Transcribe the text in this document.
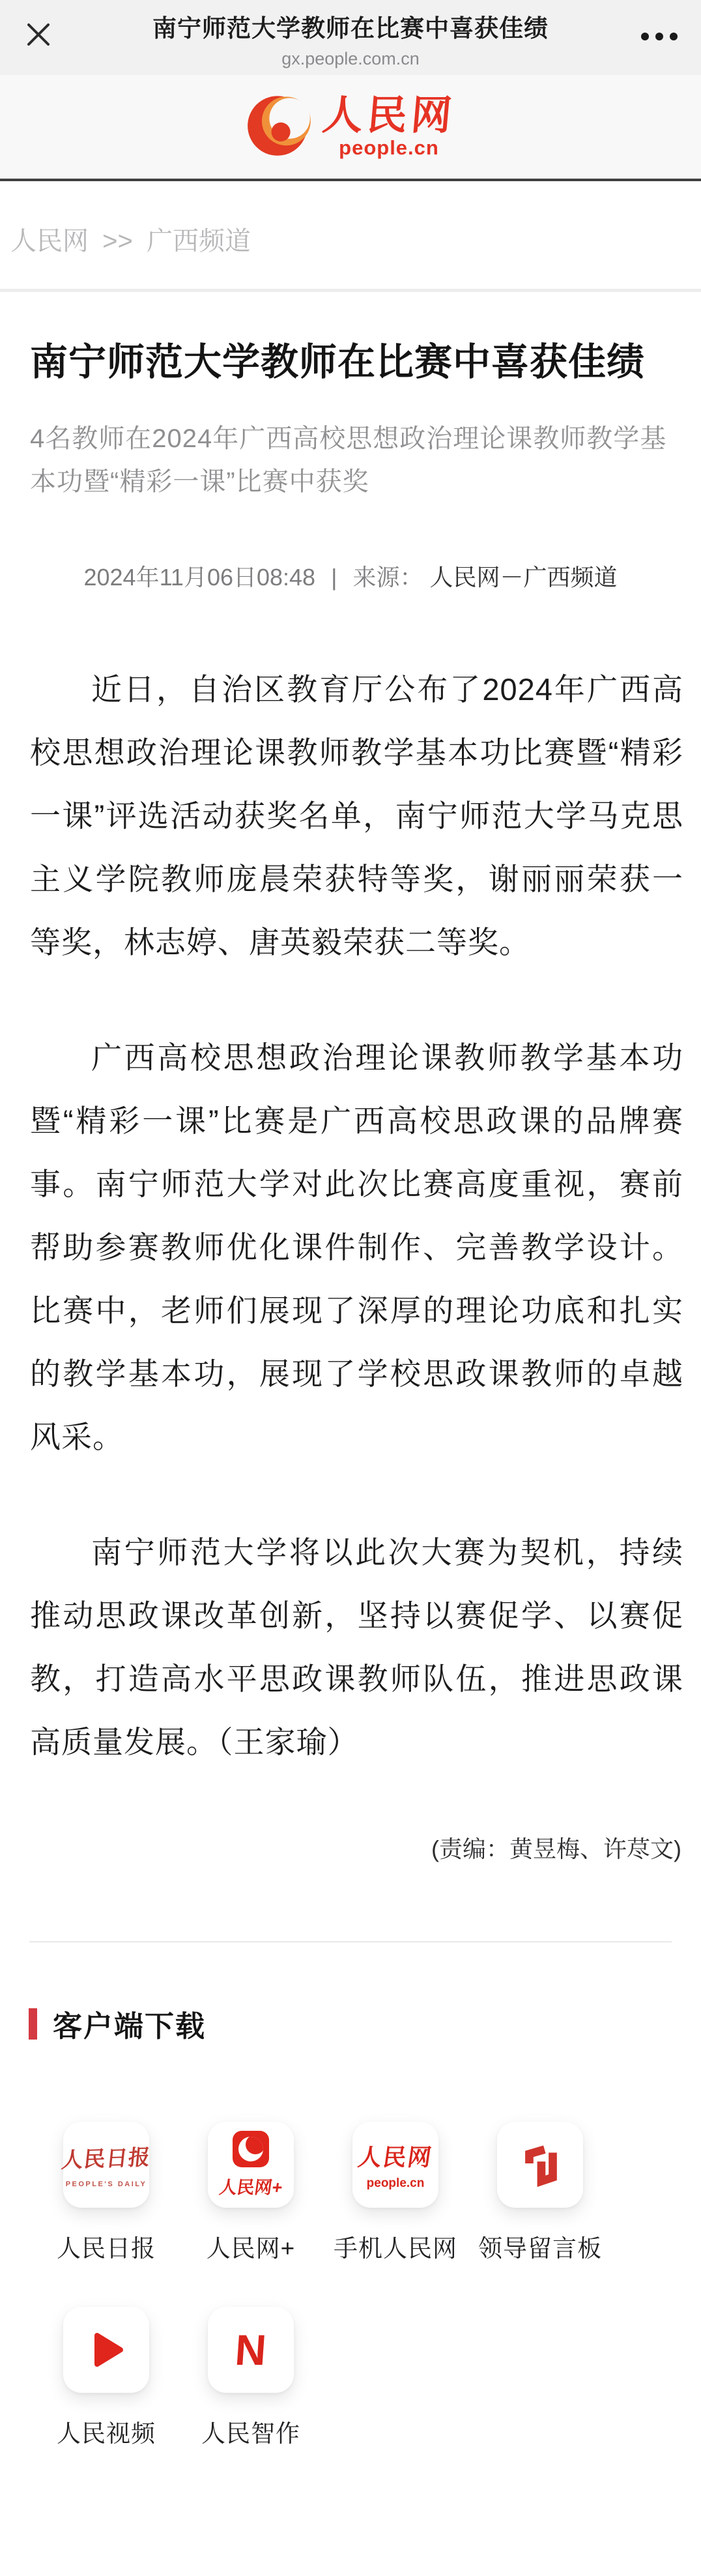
南宁师范大学教师在比赛中喜获佳绩
gx.people.com.cn
人民网
people.cn
人民网 >> 广西频道
南宁师范大学教师在比赛中喜获佳绩
4名教师在2024年广西高校思想政治理论课教师教学基本功暨“精彩一课”比赛中获奖
2024年11月06日08:48 | 来源： 人民网－广西频道

近日，自治区教育厅公布了2024年广西高校思想政治理论课教师教学基本功比赛暨“精彩一课”评选活动获奖名单，南宁师范大学马克思主义学院教师庞晨荣获特等奖，谢丽丽荣获一等奖，林志婷、唐英毅荣获二等奖。

广西高校思想政治理论课教师教学基本功暨“精彩一课”比赛是广西高校思政课的品牌赛事。南宁师范大学对此次比赛高度重视，赛前帮助参赛教师优化课件制作、完善教学设计。比赛中，老师们展现了深厚的理论功底和扎实的教学基本功，展现了学校思政课教师的卓越风采。

南宁师范大学将以此次大赛为契机，持续推动思政课改革创新，坚持以赛促学、以赛促教，打造高水平思政课教师队伍，推进思政课高质量发展。（王家瑜）

(责编：黄昱梅、许荩文)
客户端下载
人民日报
PEOPLE'S DAILY
人民日报
人民网+
人民网+
人民网
people.cn
手机人民网 领导留言板
人民视频
N
人民智作
